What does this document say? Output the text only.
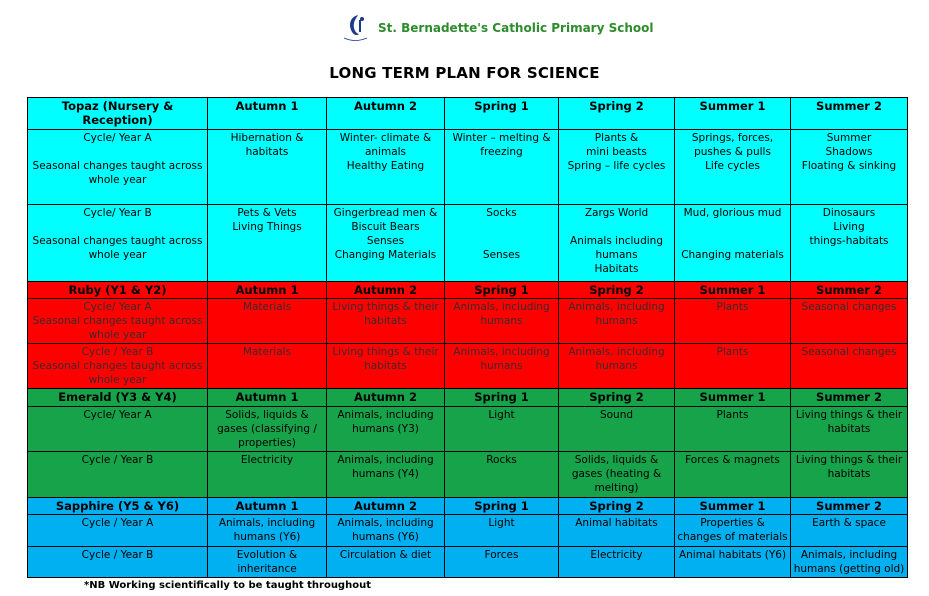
St. Bernadette's Catholic Primary School
LONG TERM PLAN FOR SCIENCE
Topaz (Nursery & Reception)	Autumn 1	Autumn 2	Spring 1	Spring 2	Summer 1	Summer 2
Cycle/ Year A

Seasonal changes taught across whole year	Hibernation &
habitats	Winter- climate &
animals
Healthy Eating	Winter – melting &
freezing	Plants &
mini beasts
Spring – life cycles	Springs, forces,
pushes & pulls
Life cycles	Summer
Shadows
Floating & sinking
Cycle/ Year B

Seasonal changes taught across whole year	Pets & Vets
Living Things	Gingerbread men &
Biscuit Bears
Senses
Changing Materials	Socks

Senses	Zargs World

Animals including
humans
Habitats	Mud, glorious mud

Changing materials	Dinosaurs
Living
things-habitats
Ruby (Y1 & Y2)	Autumn 1	Autumn 2	Spring 1	Spring 2	Summer 1	Summer 2
Cycle/ Year A
Seasonal changes taught across whole year	Materials	Living things & their
habitats	Animals, including
humans	Animals, including
humans	Plants	Seasonal changes
Cycle / Year B
Seasonal changes taught across whole year	Materials	Living things & their
habitats	Animals, including
humans	Animals, including
humans	Plants	Seasonal changes
Emerald (Y3 & Y4)	Autumn 1	Autumn 2	Spring 1	Spring 2	Summer 1	Summer 2
Cycle/ Year A	Solids, liquids &
gases (classifying /
properties)	Animals, including
humans (Y3)	Light	Sound	Plants	Living things & their
habitats
Cycle / Year B	Electricity	Animals, including
humans (Y4)	Rocks	Solids, liquids &
gases (heating &
melting)	Forces & magnets	Living things & their
habitats
Sapphire (Y5 & Y6)	Autumn 1	Autumn 2	Spring 1	Spring 2	Summer 1	Summer 2
Cycle / Year A	Animals, including
humans (Y6)	Animals, including
humans (Y6)	Light	Animal habitats	Properties &
changes of materials	Earth & space
Cycle / Year B	Evolution &
inheritance	Circulation & diet	Forces	Electricity	Animal habitats (Y6)	Animals, including
humans (getting old)
*NB Working scientifically to be taught throughout
